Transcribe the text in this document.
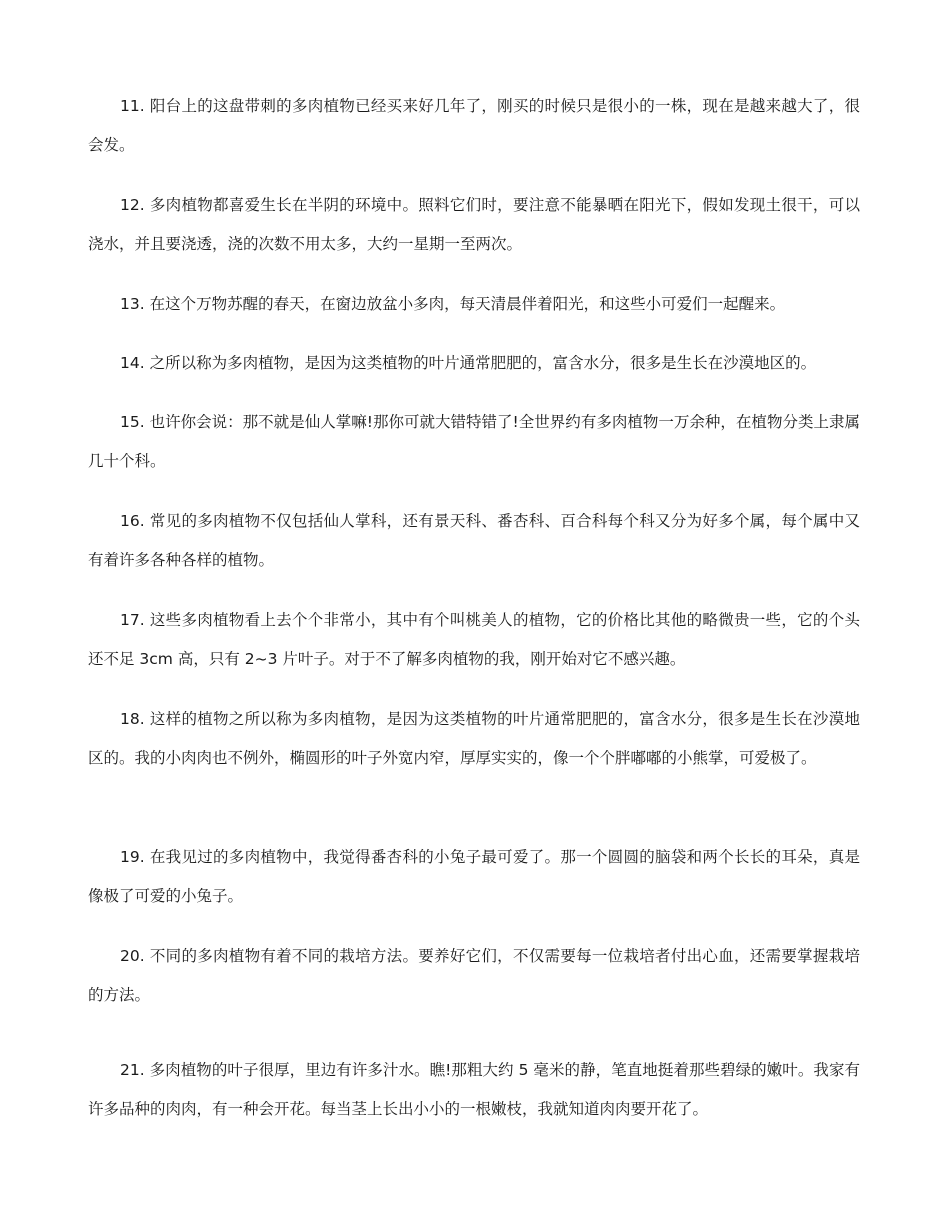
11. 阳台上的这盘带刺的多肉植物已经买来好几年了，刚买的时候只是很小的一株，现在是越来越大了，很会发。

12. 多肉植物都喜爱生长在半阴的环境中。照料它们时，要注意不能暴晒在阳光下，假如发现土很干，可以浇水，并且要浇透，浇的次数不用太多，大约一星期一至两次。

13. 在这个万物苏醒的春天，在窗边放盆小多肉，每天清晨伴着阳光，和这些小可爱们一起醒来。

14. 之所以称为多肉植物，是因为这类植物的叶片通常肥肥的，富含水分，很多是生长在沙漠地区的。

15. 也许你会说：那不就是仙人掌嘛!那你可就大错特错了!全世界约有多肉植物一万余种，在植物分类上隶属几十个科。

16. 常见的多肉植物不仅包括仙人掌科，还有景天科、番杏科、百合科每个科又分为好多个属，每个属中又有着许多各种各样的植物。

17. 这些多肉植物看上去个个非常小，其中有个叫桃美人的植物，它的价格比其他的略微贵一些，它的个头还不足 3cm 高，只有 2~3 片叶子。对于不了解多肉植物的我，刚开始对它不感兴趣。

18. 这样的植物之所以称为多肉植物，是因为这类植物的叶片通常肥肥的，富含水分，很多是生长在沙漠地区的。我的小肉肉也不例外，椭圆形的叶子外宽内窄，厚厚实实的，像一个个胖嘟嘟的小熊掌，可爱极了。

19. 在我见过的多肉植物中，我觉得番杏科的小兔子最可爱了。那一个圆圆的脑袋和两个长长的耳朵，真是像极了可爱的小兔子。

20. 不同的多肉植物有着不同的栽培方法。要养好它们，不仅需要每一位栽培者付出心血，还需要掌握栽培的方法。

21. 多肉植物的叶子很厚，里边有许多汁水。瞧!那粗大约 5 毫米的静，笔直地挺着那些碧绿的嫩叶。我家有许多品种的肉肉，有一种会开花。每当茎上长出小小的一根嫩枝，我就知道肉肉要开花了。
